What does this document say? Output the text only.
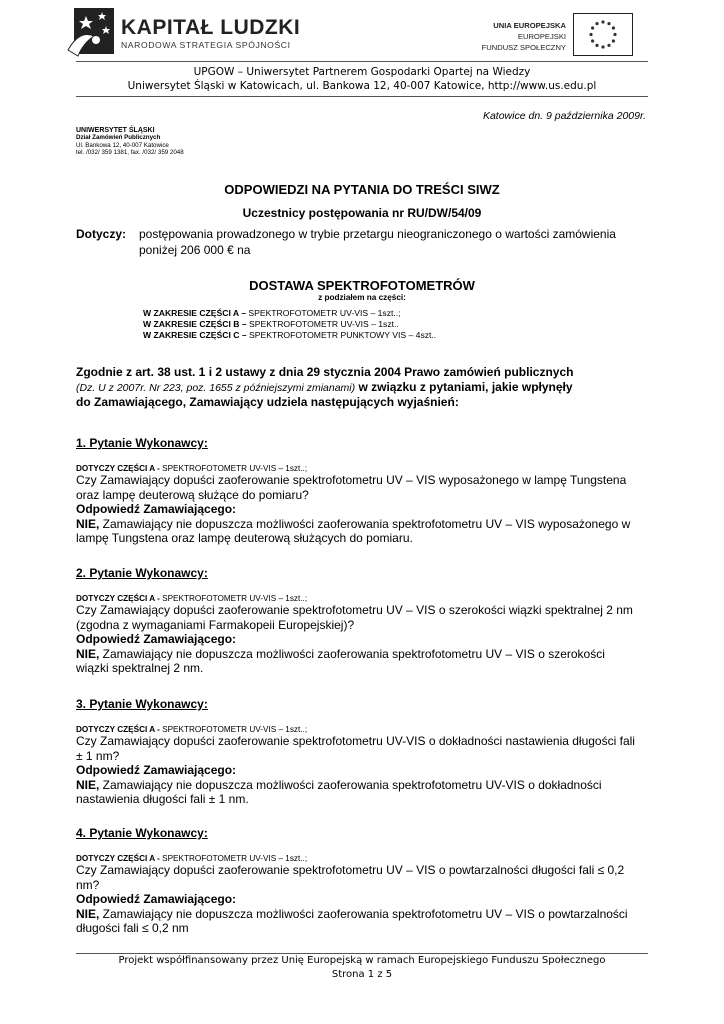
KAPITAŁ LUDZKI
NARODOWA STRATEGIA SPÓJNOŚCI
UNIA EUROPEJSKA
EUROPEJSKI
FUNDUSZ SPOŁECZNY
UPGOW – Uniwersytet Partnerem Gospodarki Opartej na Wiedzy
Uniwersytet Śląski w Katowicach, ul. Bankowa 12, 40-007 Katowice, http://www.us.edu.pl
Katowice dn. 9 października 2009r.
UNIWERSYTET ŚLĄSKI
Dział Zamówień Publicznych
Ul. Bankowa 12, 40-007 Katowice
tel. /032/ 359 1381, fax. /032/ 359 2048
ODPOWIEDZI NA PYTANIA DO TREŚCI SIWZ
Uczestnicy postępowania nr RU/DW/54/09
Dotyczy: postępowania prowadzonego w trybie przetargu nieograniczonego o wartości zamówienia
poniżej 206 000 € na
DOSTAWA SPEKTROFOTOMETRÓW
z podziałem na części:
W ZAKRESIE CZĘŚCI A – SPEKTROFOTOMETR UV-VIS – 1szt..;
W ZAKRESIE CZĘŚCI B – SPEKTROFOTOMETR UV-VIS – 1szt..
W ZAKRESIE CZĘŚCI C – SPEKTROFOTOMETR PUNKTOWY VIS – 4szt..
Zgodnie z art. 38 ust. 1 i 2 ustawy z dnia 29 stycznia 2004 Prawo zamówień publicznych
(Dz. U z 2007r. Nr 223, poz. 1655 z późniejszymi zmianami) w związku z pytaniami, jakie wpłynęły
do Zamawiającego, Zamawiający udziela następujących wyjaśnień:
1. Pytanie Wykonawcy:
DOTYCZY CZĘŚCI A - SPEKTROFOTOMETR UV-VIS – 1szt..;
Czy Zamawiający dopuści zaoferowanie spektrofotometru UV – VIS wyposażonego w lampę Tungstena
oraz lampę deuterową służące do pomiaru?
Odpowiedź Zamawiającego:
NIE, Zamawiający nie dopuszcza możliwości zaoferowania spektrofotometru UV – VIS wyposażonego w
lampę Tungstena oraz lampę deuterową służących do pomiaru.
2. Pytanie Wykonawcy:
DOTYCZY CZĘŚCI A - SPEKTROFOTOMETR UV-VIS – 1szt..;
Czy Zamawiający dopuści zaoferowanie spektrofotometru UV – VIS o szerokości wiązki spektralnej 2 nm
(zgodna z wymaganiami Farmakopeii Europejskiej)?
Odpowiedź Zamawiającego:
NIE, Zamawiający nie dopuszcza możliwości zaoferowania spektrofotometru UV – VIS o szerokości
wiązki spektralnej 2 nm.
3. Pytanie Wykonawcy:
DOTYCZY CZĘŚCI A - SPEKTROFOTOMETR UV-VIS – 1szt..;
Czy Zamawiający dopuści zaoferowanie spektrofotometru UV-VIS o dokładności nastawienia długości fali
± 1 nm?
Odpowiedź Zamawiającego:
NIE, Zamawiający nie dopuszcza możliwości zaoferowania spektrofotometru UV-VIS o dokładności
nastawienia długości fali ± 1 nm.
4. Pytanie Wykonawcy:
DOTYCZY CZĘŚCI A - SPEKTROFOTOMETR UV-VIS – 1szt..;
Czy Zamawiający dopuści zaoferowanie spektrofotometru UV – VIS o powtarzalności długości fali ≤ 0,2
nm?
Odpowiedź Zamawiającego:
NIE, Zamawiający nie dopuszcza możliwości zaoferowania spektrofotometru UV – VIS o powtarzalności
długości fali ≤ 0,2 nm
Projekt współfinansowany przez Unię Europejską w ramach Europejskiego Funduszu Społecznego
Strona 1 z 5
